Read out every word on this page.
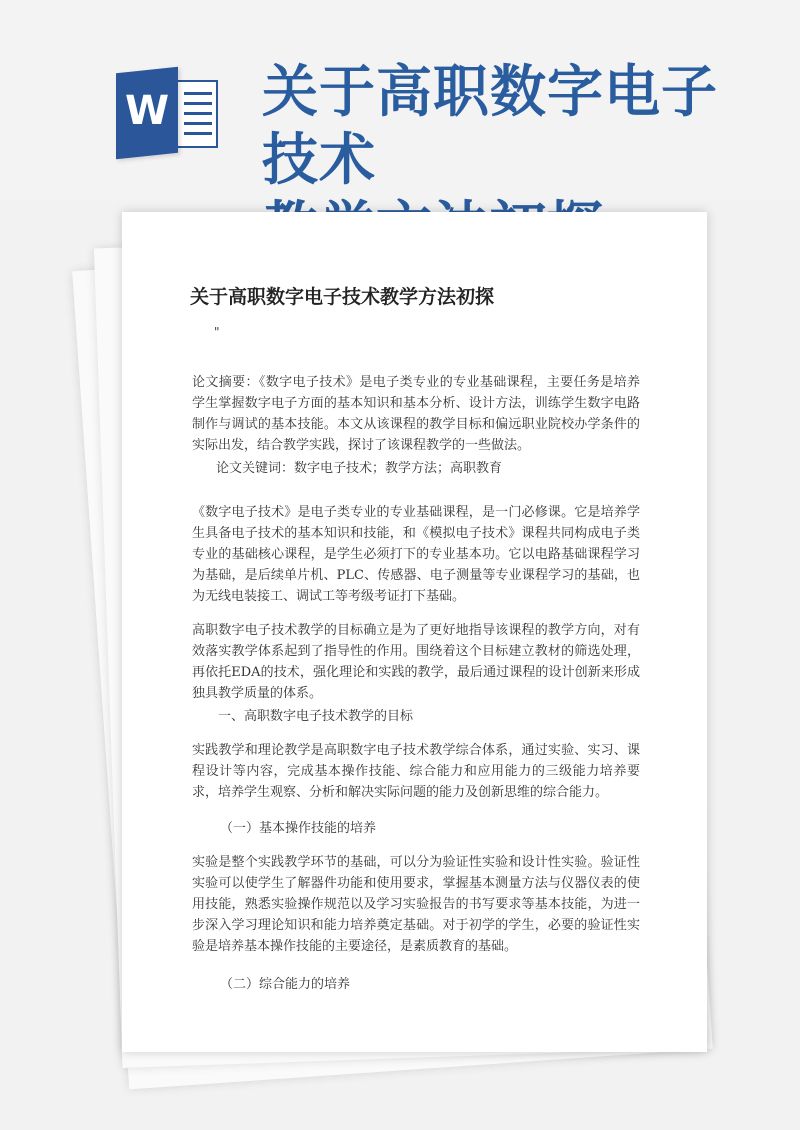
W 关于高职数字电子技术
关于高职数字电子技术教学方法初探
"

论文摘要：《数字电子技术》是电子类专业的专业基础课程，主要任务是培养学生掌握数字电子方面的基本知识和基本分析、设计方法，训练学生数字电路制作与调试的基本技能。本文从该课程的教学目标和偏远职业院校办学条件的实际出发，结合教学实践，探讨了该课程教学的一些做法。

论文关键词：数字电子技术；教学方法；高职教育

《数字电子技术》是电子类专业的专业基础课程，是一门必修课。它是培养学生具备电子技术的基本知识和技能，和《模拟电子技术》课程共同构成电子类专业的基础核心课程，是学生必须打下的专业基本功。它以电路基础课程学习为基础，是后续单片机、PLC、传感器、电子测量等专业课程学习的基础，也为无线电装接工、调试工等考级考证打下基础。

高职数字电子技术教学的目标确立是为了更好地指导该课程的教学方向，对有效落实教学体系起到了指导性的作用。围绕着这个目标建立教材的筛选处理，再依托EDA的技术，强化理论和实践的教学，最后通过课程的设计创新来形成独具教学质量的体系。

一、高职数字电子技术教学的目标

实践教学和理论教学是高职数字电子技术教学综合体系，通过实验、实习、课程设计等内容，完成基本操作技能、综合能力和应用能力的三级能力培养要求，培养学生观察、分析和解决实际问题的能力及创新思维的综合能力。

（一）基本操作技能的培养

实验是整个实践教学环节的基础，可以分为验证性实验和设计性实验。验证性实验可以使学生了解器件功能和使用要求，掌握基本测量方法与仪器仪表的使用技能，熟悉实验操作规范以及学习实验报告的书写要求等基本技能，为进一步深入学习理论知识和能力培养奠定基础。对于初学的学生，必要的验证性实验是培养基本操作技能的主要途径，是素质教育的基础。

（二）综合能力的培养
